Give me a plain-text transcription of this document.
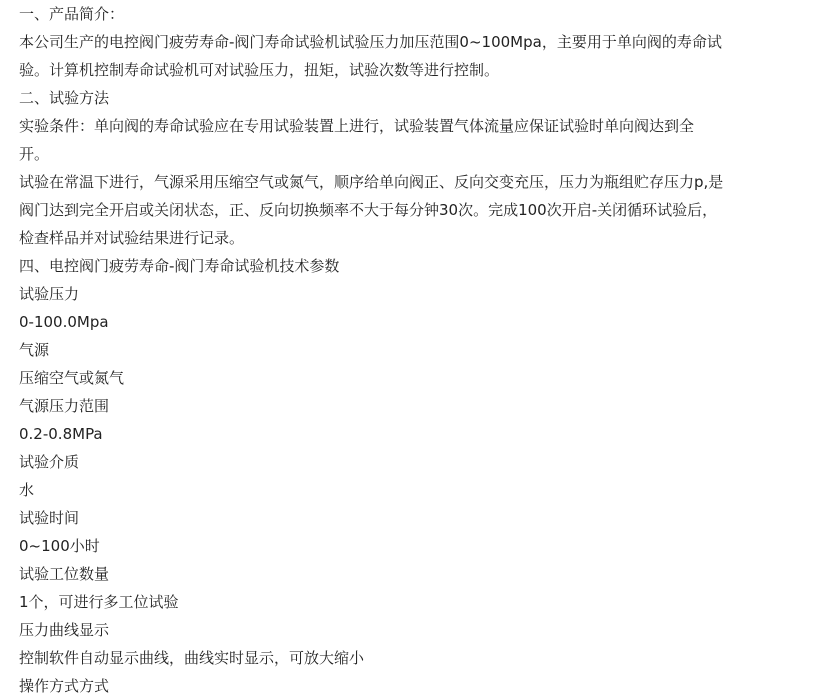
一、产品简介：
本公司生产的电控阀门疲劳寿命-阀门寿命试验机试验压力加压范围0~100Mpa，主要用于单向阀的寿命试
验。计算机控制寿命试验机可对试验压力，扭矩，试验次数等进行控制。
二、试验方法
实验条件：单向阀的寿命试验应在专用试验装置上进行，试验装置气体流量应保证试验时单向阀达到全
开。
试验在常温下进行，气源采用压缩空气或氮气，顺序给单向阀正、反向交变充压，压力为瓶组贮存压力p,是
阀门达到完全开启或关闭状态，正、反向切换频率不大于每分钟30次。完成100次开启-关闭循环试验后，
检查样品并对试验结果进行记录。
四、电控阀门疲劳寿命-阀门寿命试验机技术参数
试验压力
0-100.0Mpa
气源
压缩空气或氮气
气源压力范围
0.2-0.8MPa
试验介质
水
试验时间
0~100小时
试验工位数量
1个，可进行多工位试验
压力曲线显示
控制软件自动显示曲线，曲线实时显示，可放大缩小
操作方式方式
